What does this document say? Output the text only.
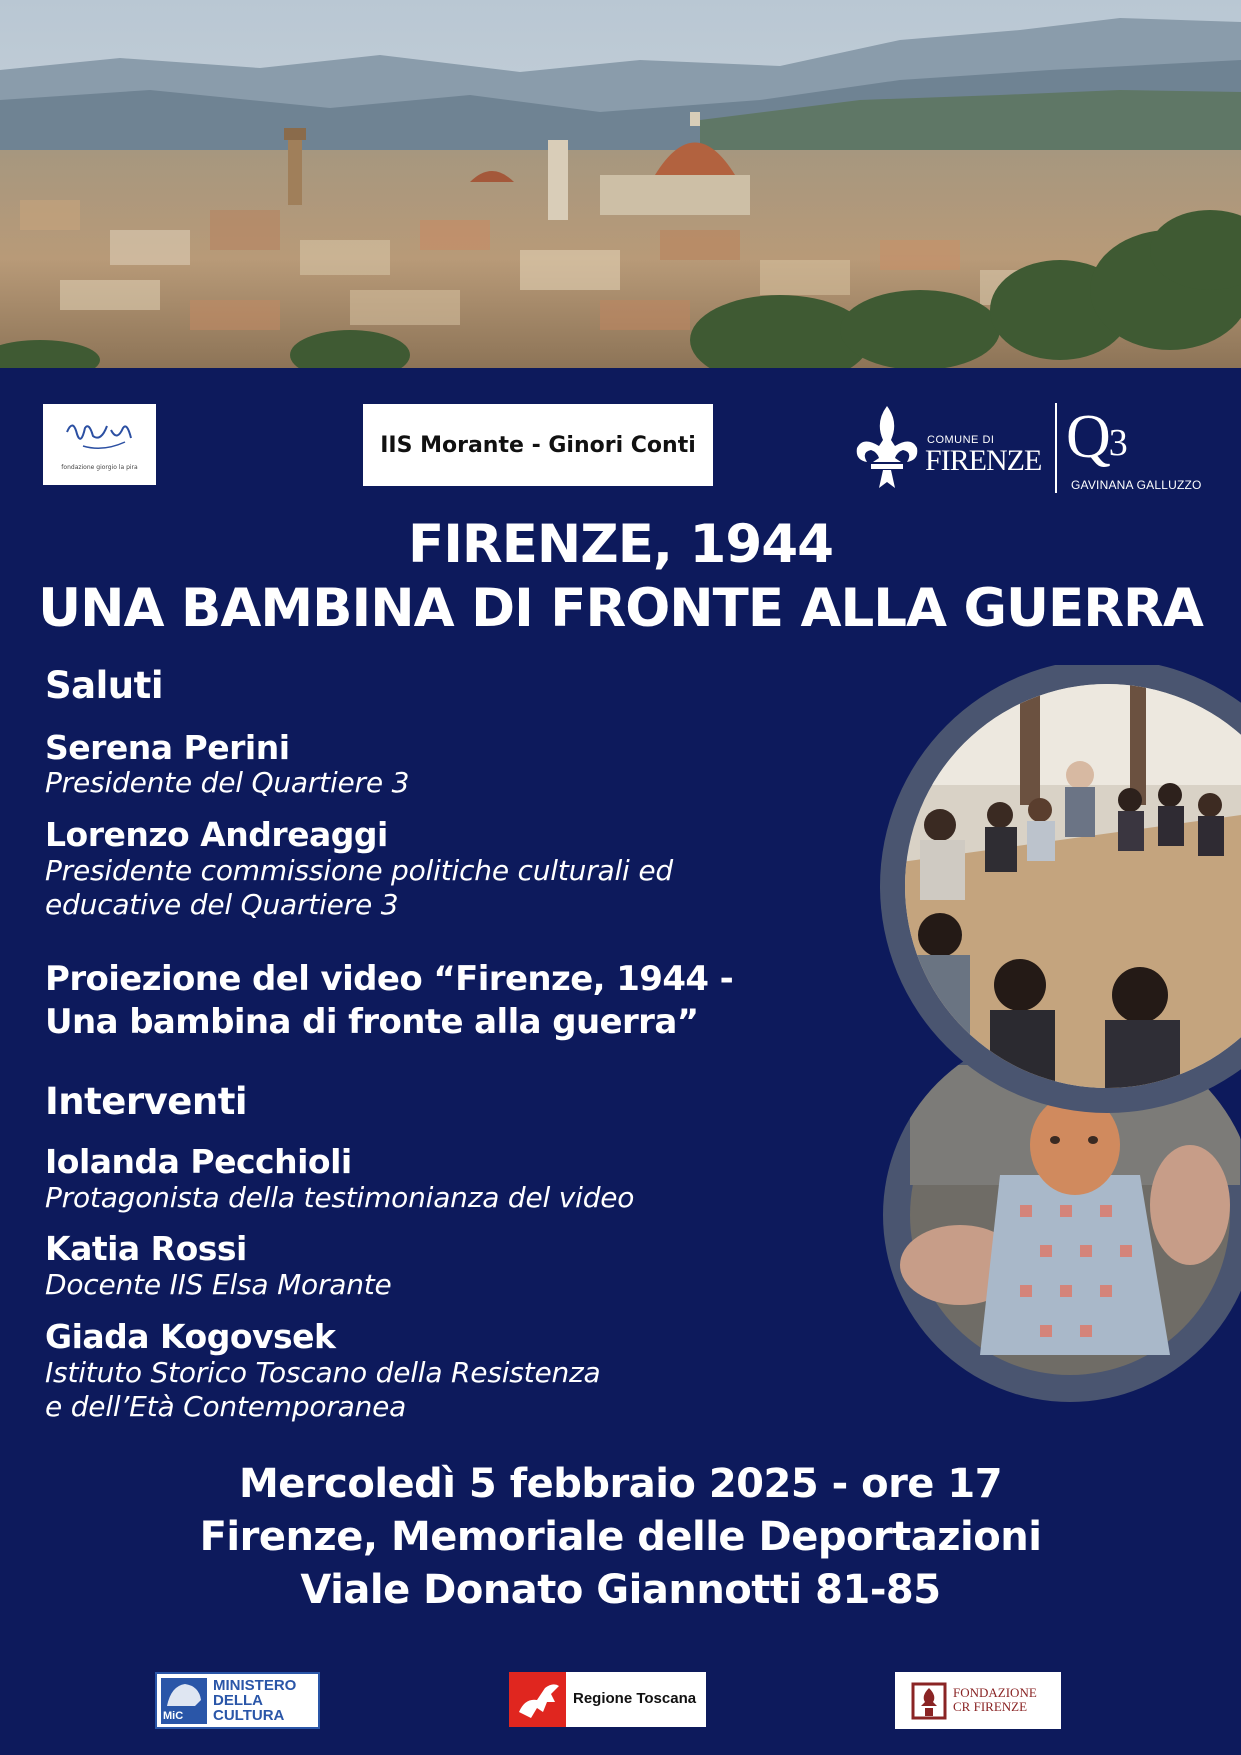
fondazione giorgio la pira
IIS Morante - Ginori Conti	COMUNE DI
FIRENZE $Q_3$
GAVINANA GALLUZZO
FIRENZE, 1944
UNA BAMBINA DI FRONTE ALLA GUERRA
Saluti
Serena Perini
Presidente del Quartiere 3
Lorenzo Andreaggi
Presidente commissione politiche culturali ed
educative del Quartiere 3
Proiezione del video “Firenze, 1944 -
Una bambina di fronte alla guerra”
Interventi
Iolanda Pecchioli
Protagonista della testimonianza del video
Katia Rossi
Docente IIS Elsa Morante
Giada Kogovsek
Istituto Storico Toscano della Resistenza
e dell’Età Contemporanea
Mercoledì 5 febbraio 2025 - ore 17
Firenze, Memoriale delle Deportazioni
Viale Donato Giannotti 81-85
MiC
MINISTERO
DELLA
CULTURA
Regione Toscana	FONDAZIONE
CR FIRENZE
